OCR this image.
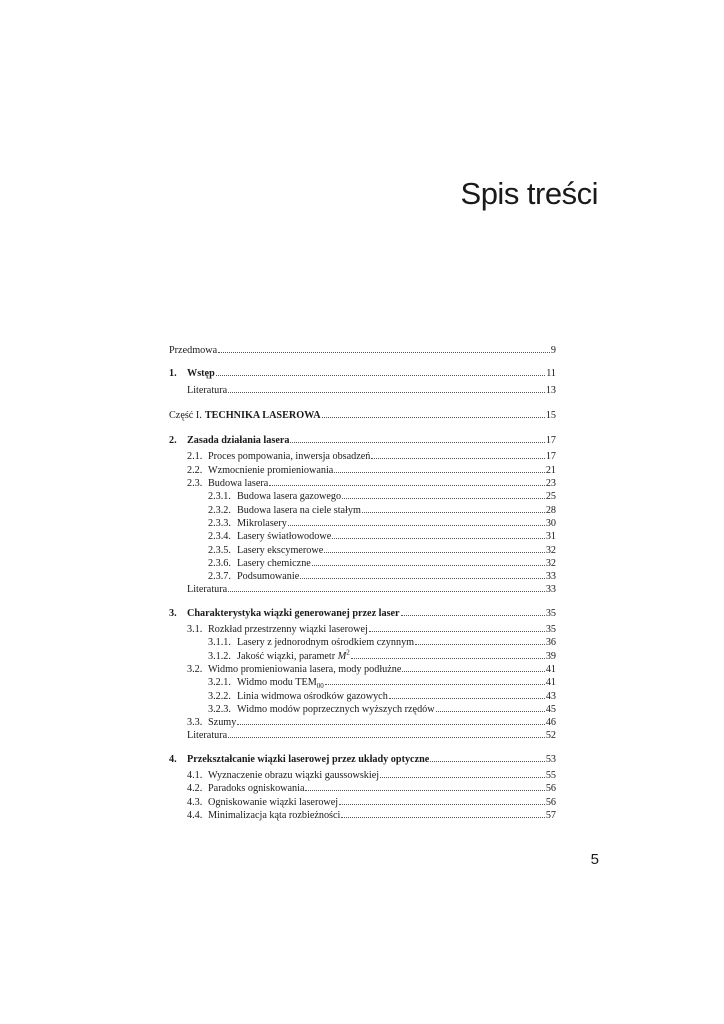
Spis treści
Przedmowa	9
1.	Wstęp	11
Literatura	13
Część I. TECHNIKA LASEROWA	15
2.	Zasada działania lasera	17
2.1. Proces pompowania, inwersja obsadzeń	17
2.2. Wzmocnienie promieniowania	21
2.3. Budowa lasera	23
2.3.1. Budowa lasera gazowego	25
2.3.2. Budowa lasera na ciele stałym	28
2.3.3. Mikrolasery	30
2.3.4. Lasery światłowodowe	31
2.3.5. Lasery ekscymerowe	32
2.3.6. Lasery chemiczne	32
2.3.7. Podsumowanie	33
Literatura	33
3.	Charakterystyka wiązki generowanej przez laser	35
3.1. Rozkład przestrzenny wiązki laserowej	35
3.1.1. Lasery z jednorodnym ośrodkiem czynnym	36
3.1.2. Jakość wiązki, parametr $M^2$	39
3.2. Widmo promieniowania lasera, mody podłużne	41
3.2.1. Widmo modu $TEM_{00}$	41
3.2.2. Linia widmowa ośrodków gazowych	43
3.2.3. Widmo modów poprzecznych wyższych rzędów	45
3.3. Szumy	46
Literatura	52
4.	Przekształcanie wiązki laserowej przez układy optyczne	53
4.1. Wyznaczenie obrazu wiązki gaussowskiej	55
4.2. Paradoks ogniskowania	56
4.3. Ogniskowanie wiązki laserowej	56
4.4. Minimalizacja kąta rozbieżności	57
5
